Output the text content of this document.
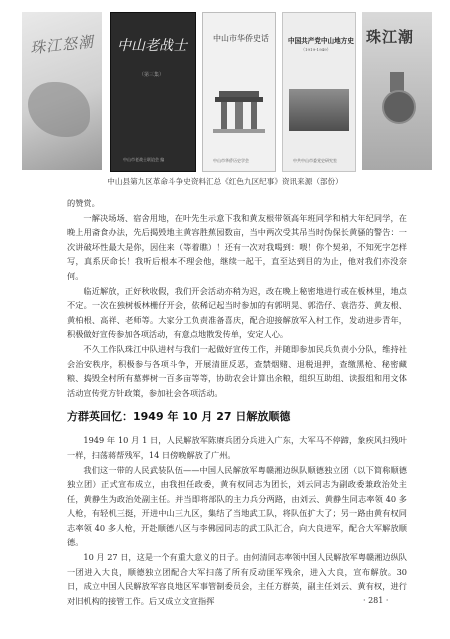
珠江怒潮 中山老战士
（第三集）
中山市老战士联谊会 编
中山市华侨史话
中山市华侨历史学会
中国共产党中山地方史
（1919-1949）
中共中山市委党史研究室
珠江潮
中山县第九区革命斗争史资料汇总《红色九区纪事》资讯来源（部份）

的赞赏。

一解决场场、宿舍用地，在叶先生示意下我和黄友根带领高年班同学和梢大年纪同学，在晚上用斋食办法，先后揭毁地主黄容胜蕉园数亩，当中两次受其吊当时伪保长黄骚的警告：一次讲破坏性最大是你，因住来（等着瞧）！还有一次对我喝到：喂！你个契弟，不知死字怎样写，真系厌命长！我听后根本不理会他，继续一起干，直至达到目的为止，他对我们亦没奈何。

临近解放，正好秋收假，我们开会活动亦稍为迟，改在晚上秘密地进行或在板林里，地点不定。一次在独树板林栅仔开会，依稀记起当时参加的有郭明晃、郭浩仔、袁浩芬、黄友根、黄柏根、高祥、老师等。大家分工负责准备喜庆，配合迎接解放军入村工作，发动进步青年，积极做好宣传参加各项活动，有意点地散发传单，安定人心。

不久工作队珠江中队进村与我们一起做好宣传工作，并随即参加民兵负责小分队，维持社会治安秩序，积极参与各项斗争，开展清匪反恶，查禁烟赌、退税退押，查缴黑枪、秘密藏粮、捣毁全村所有墓葬树一百多亩等等，协助农会计算出余粮，组织互助组、读报组和用文体活动宣传党方针政策，参加社会各项活动。

方群英回忆：1949 年 10 月 27 日解放顺德

1949 年 10 月 1 日，人民解放军陈赓兵团分兵进入广东，大军马不停蹄，象疾风扫残叶一样，扫荡蒋帮残军，14 日傍晚解放了广州。

我们这一带的人民武装队伍——中国人民解放军粤赣湘边纵队顺德独立团（以下简称顺德独立团）正式宣布成立，由我担任政委，黄有权同志为团长，刘云同志为副政委兼政治处主任，黄静生为政治处副主任。并当即将部队的主力兵分两路，由刘云、黄静生同志率领 40 多人枪，有轻机三挺，开进中山三九区，集结了当地武工队，将队伍扩大了；另一路由黄有权同志率领 40 多人枪，开赴顺德八区与李佛园同志的武工队汇合，向大良进军，配合大军解放顺德。

10 月 27 日，这是一个有重大意义的日子。由何清同志率领中国人民解放军粤赣湘边纵队一团进入大良，顺德独立团配合大军扫荡了所有反动匪军残余，进入大良，宣布解放。30 日，成立中国人民解放军容良地区军事管制委员会，主任方群英，副主任刘云、黄有权，进行对旧机构的接管工作。后又成立文宣指挥	· 281 ·
